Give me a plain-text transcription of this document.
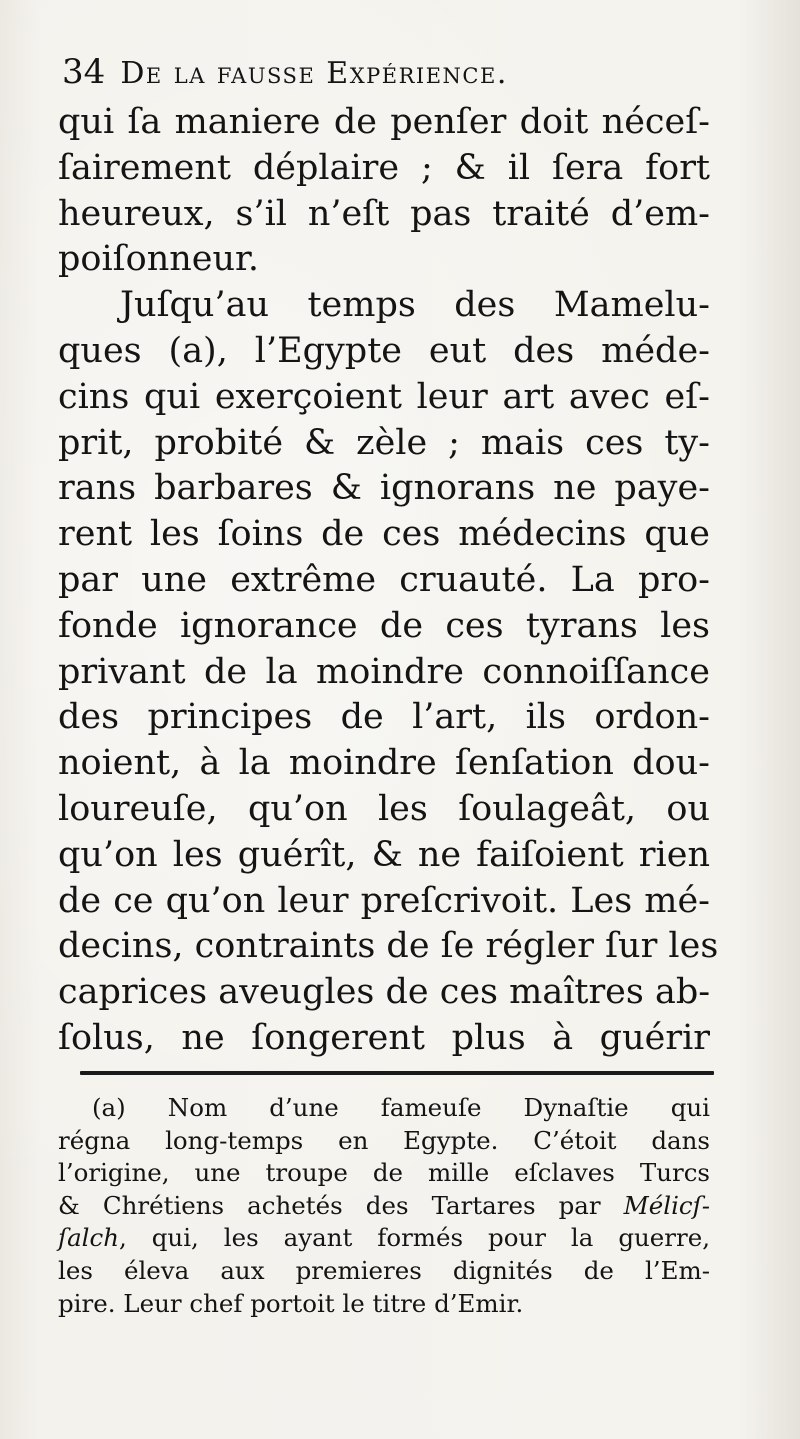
34 De la fausse Expérience.
qui ſa maniere de penſer doit néceſ-
ſairement déplaire ; & il ſera fort
heureux, s’il n’eſt pas traité d’em-
poiſonneur.
Juſqu’au temps des Mamelu-
ques (a), l’Egypte eut des méde-
cins qui exerçoient leur art avec eſ-
prit, probité & zèle ; mais ces ty-
rans barbares & ignorans ne paye-
rent les ſoins de ces médecins que
par une extrême cruauté. La pro-
fonde ignorance de ces tyrans les
privant de la moindre connoiſſance
des principes de l’art, ils ordon-
noient, à la moindre ſenſation dou-
loureuſe, qu’on les ſoulageât, ou
qu’on les guérît, & ne faiſoient rien
de ce qu’on leur preſcrivoit. Les mé-
decins, contraints de ſe régler ſur les
caprices aveugles de ces maîtres ab-
ſolus, ne ſongerent plus à guérir
(a) Nom d’une fameuſe Dynaſtie qui
régna long-temps en Egypte. C’étoit dans
l’origine, une troupe de mille eſclaves Turcs
& Chrétiens achetés des Tartares par Mélicſ-
ſalch, qui, les ayant formés pour la guerre,
les éleva aux premieres dignités de l’Em-
pire. Leur chef portoit le titre d’Emir.
